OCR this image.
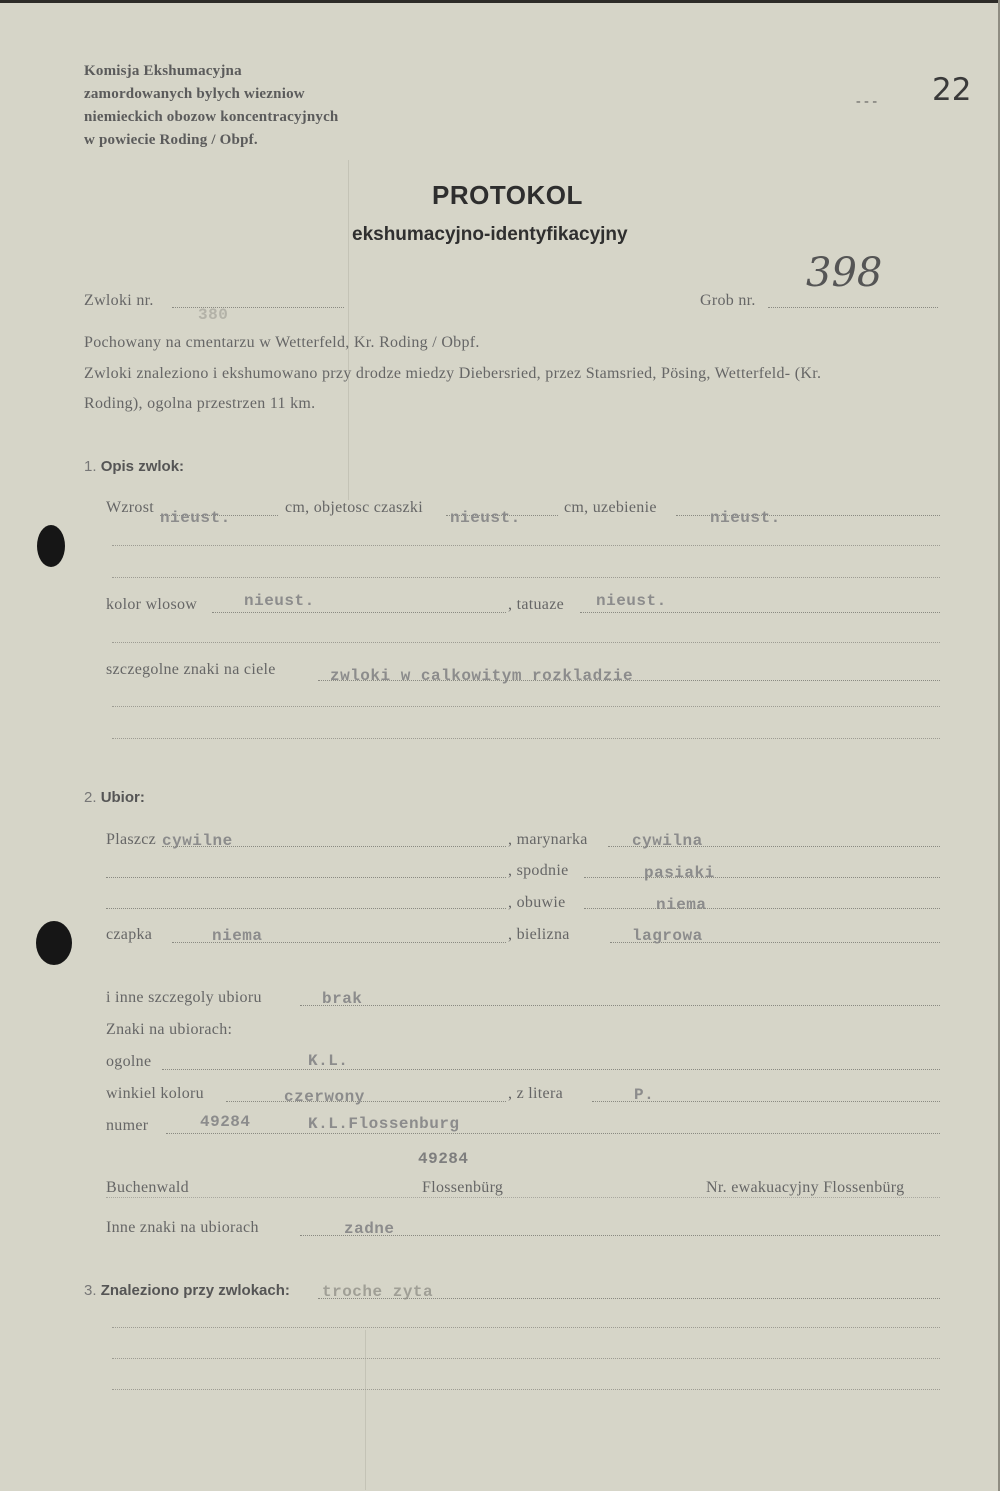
Komisja Ekshumacyjna
zamordowanych bylych wiezniow
niemieckich obozow koncentracyjnych
w powiecie Roding / Obpf.
22
- - -
PROTOKOL
ekshumacyjno-identyfikacyjny
Zwloki nr.
380
Grob nr.
398
Pochowany na cmentarzu w Wetterfeld, Kr. Roding / Obpf.
Zwloki znaleziono i ekshumowano przy drodze miedzy Diebersried, przez Stamsried, Pösing, Wetterfeld- (Kr.
Roding), ogolna przestrzen 11 km.
1. Opis zwlok:
Wzrost
nieust.
cm, objetosc czaszki
nieust.
cm, uzebienie
nieust.
kolor wlosow	nieust.	, tatuaze nieust.
szczegolne znaki na ciele	zwloki w calkowitym rozkladzie
2. Ubior:
Plaszcz cywilne	, marynarka	cywilna
, spodnie	pasiaki
, obuwie	niema
czapka	niema	, bielizna	lagrowa
i inne szczegoly ubioru	brak
Znaki na ubiorach:
ogolne	K.L.
winkiel koloru	czerwony	, z litera	P.
numer	49284	K.L.Flossenburg
49284
Buchenwald	Flossenbürg	Nr. ewakuacyjny Flossenbürg
Inne znaki na ubiorach	zadne
3. Znaleziono przy zwlokach: troche zyta
